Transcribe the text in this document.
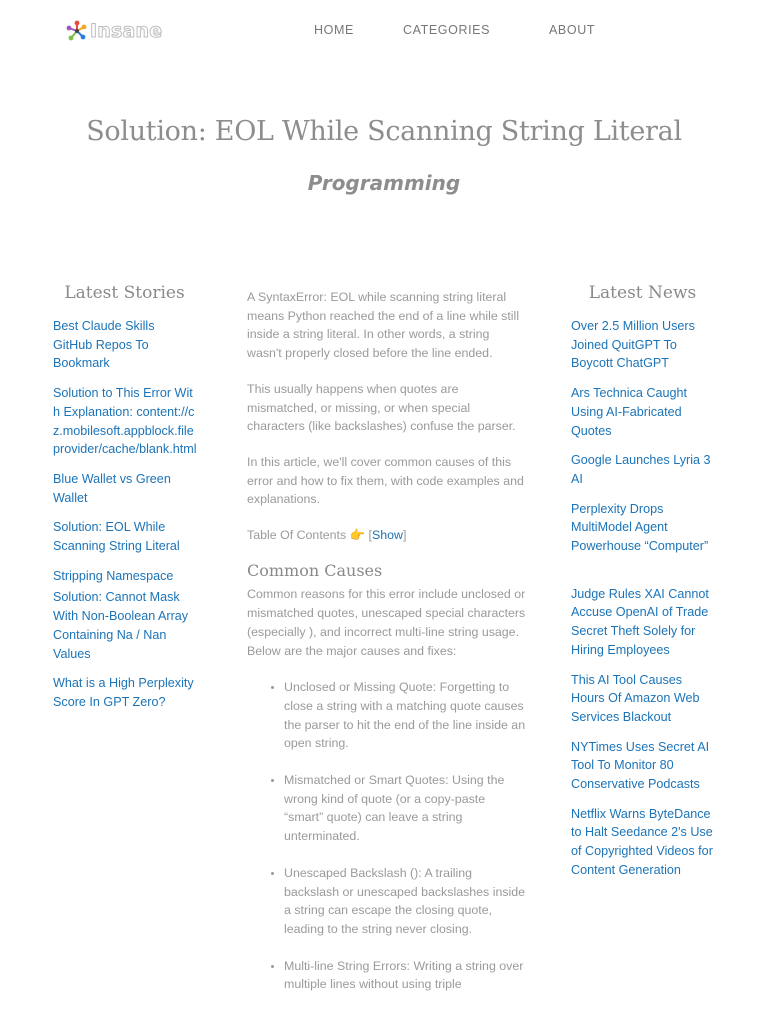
Insane	HOME	CATEGORIES	ABOUT
Solution: EOL While Scanning String Literal
Programming
Latest Stories
Best Claude Skills GitHub Repos To Bookmark
Solution to This Error With Explanation: content://cz.mobilesoft.appblock.fileprovider/cache/blank.html
Blue Wallet vs Green Wallet
Solution: EOL While Scanning String Literal
Stripping Namespace
Solution: Cannot Mask With Non-Boolean Array Containing Na / Nan Values
What is a High Perplexity Score In GPT Zero?

A SyntaxError: EOL while scanning string literal means Python reached the end of a line while still inside a string literal. In other words, a string wasn't properly closed before the line ended.

This usually happens when quotes are mismatched, or missing, or when special characters (like backslashes) confuse the parser.

In this article, we'll cover common causes of this error and how to fix them, with code examples and explanations.

Table Of Contents 👉 [Show]

Common Causes

Common reasons for this error include unclosed or mismatched quotes, unescaped special characters (especially ), and incorrect multi-line string usage. Below are the major causes and fixes:

• Unclosed or Missing Quote: Forgetting to close a string with a matching quote causes the parser to hit the end of the line inside an open string.
• Mismatched or Smart Quotes: Using the wrong kind of quote (or a copy-paste “smart” quote) can leave a string unterminated.
• Unescaped Backslash (): A trailing backslash or unescaped backslashes inside a string can escape the closing quote, leading to the string never closing.
• Multi-line String Errors: Writing a string over multiple lines without using triple
Latest News
Over 2.5 Million Users Joined QuitGPT To Boycott ChatGPT
Ars Technica Caught Using AI-Fabricated Quotes
Google Launches Lyria 3 AI
Perplexity Drops MultiModel Agent Powerhouse “Computer”
Judge Rules XAI Cannot Accuse OpenAI of Trade Secret Theft Solely for Hiring Employees
This AI Tool Causes Hours Of Amazon Web Services Blackout
NYTimes Uses Secret AI Tool To Monitor 80 Conservative Podcasts
Netflix Warns ByteDance to Halt Seedance 2's Use of Copyrighted Videos for Content Generation
